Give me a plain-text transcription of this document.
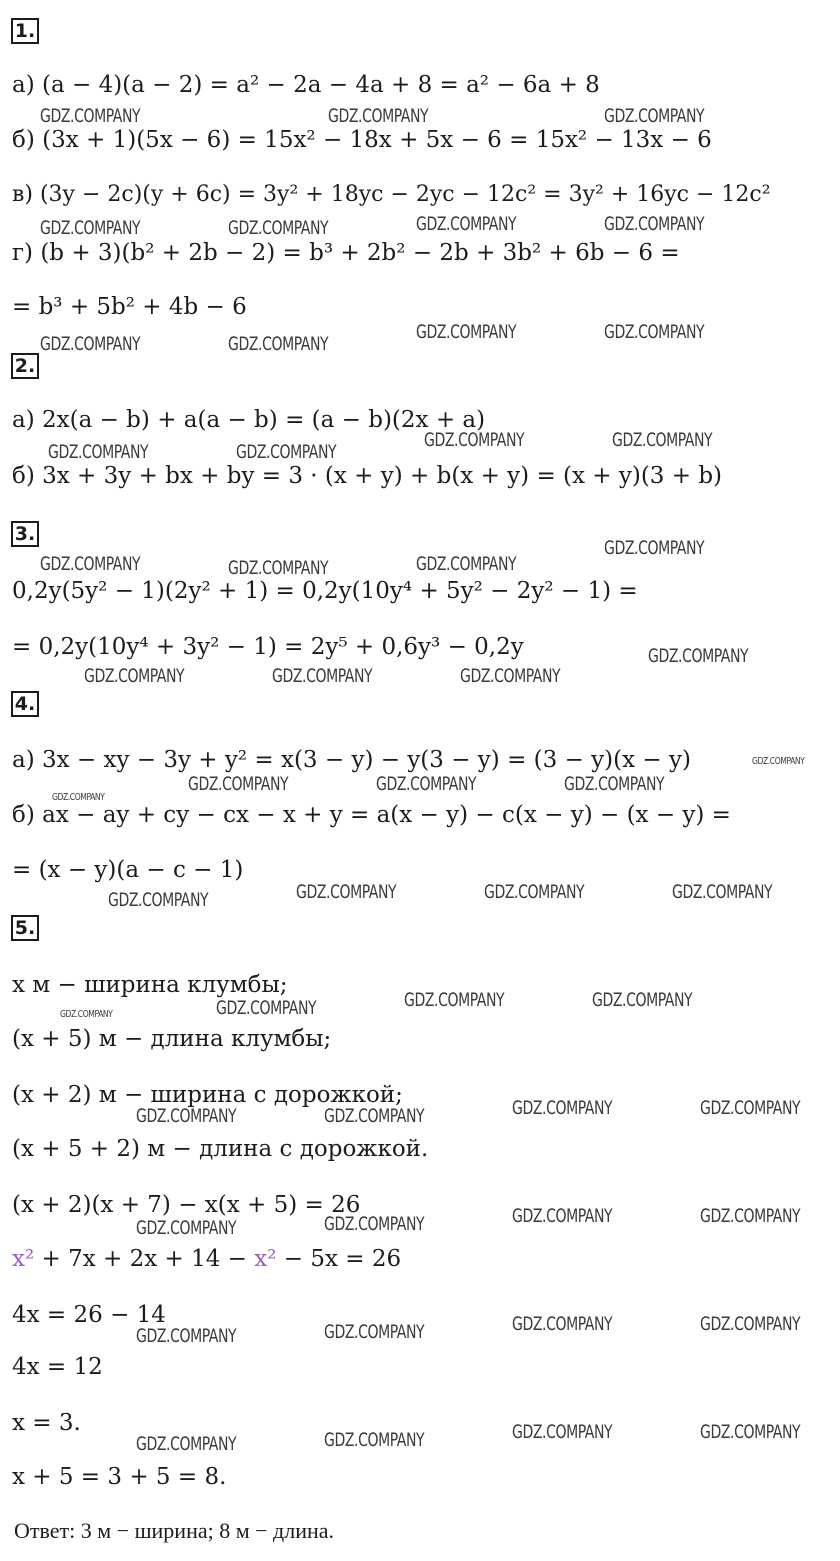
1.
а) (a − 4)(a − 2) = a² − 2a − 4a + 8 = a² − 6a + 8
б) (3x + 1)(5x − 6) = 15x² − 18x + 5x − 6 = 15x² − 13x − 6
в) (3y − 2c)(y + 6c) = 3y² + 18yc − 2yc − 12c² = 3y² + 16yc − 12c²
г) (b + 3)(b² + 2b − 2) = b³ + 2b² − 2b + 3b² + 6b − 6 =
= b³ + 5b² + 4b − 6
2.
а) 2x(a − b) + a(a − b) = (a − b)(2x + a)
б) 3x + 3y + bx + by = 3 · (x + y) + b(x + y) = (x + y)(3 + b)
3.
0,2y(5y² − 1)(2y² + 1) = 0,2y(10y⁴ + 5y² − 2y² − 1) =
= 0,2y(10y⁴ + 3y² − 1) = 2y⁵ + 0,6y³ − 0,2y
4.
а) 3x − xy − 3y + y² = x(3 − y) − y(3 − y) = (3 − y)(x − y)
б) ax − ay + cy − cx − x + y = a(x − y) − c(x − y) − (x − y) =
= (x − y)(a − c − 1)
5.
x м − ширина клумбы;
(x + 5) м − длина клумбы;
(x + 2) м − ширина с дорожкой;
(x + 5 + 2) м − длина с дорожкой.
(x + 2)(x + 7) − x(x + 5) = 26
x² + 7x + 2x + 14 − x² − 5x = 26
4x = 26 − 14
4x = 12
x = 3.
x + 5 = 3 + 5 = 8.
Ответ: 3 м − ширина; 8 м − длина.
GDZ.COMPANY	GDZ.COMPANY	GDZ.COMPANY
GDZ.COMPANY	GDZ.COMPANY	GDZ.COMPANY	GDZ.COMPANY
GDZ.COMPANY	GDZ.COMPANY
GDZ.COMPANY	GDZ.COMPANY
GDZ.COMPANY	GDZ.COMPANY
GDZ.COMPANY	GDZ.COMPANY
GDZ.COMPANY	GDZ.COMPANY	GDZ.COMPANY
GDZ.COMPANY
GDZ.COMPANY	GDZ.COMPANY	GDZ.COMPANY
GDZ.COMPANY
GDZ.COMPANY
GDZ.COMPANY	GDZ.COMPANY	GDZ.COMPANY
GDZ.COMPANY
GDZ.COMPANY	GDZ.COMPANY	GDZ.COMPANY	GDZ.COMPANY
GDZ.COMPANY	GDZ.COMPANY	GDZ.COMPANY	GDZ.COMPANY
GDZ.COMPANY	GDZ.COMPANY	GDZ.COMPANY	GDZ.COMPANY
GDZ.COMPANY	GDZ.COMPANY	GDZ.COMPANY	GDZ.COMPANY
GDZ.COMPANY	GDZ.COMPANY	GDZ.COMPANY	GDZ.COMPANY
GDZ.COMPANY	GDZ.COMPANY	GDZ.COMPANY	GDZ.COMPANY
